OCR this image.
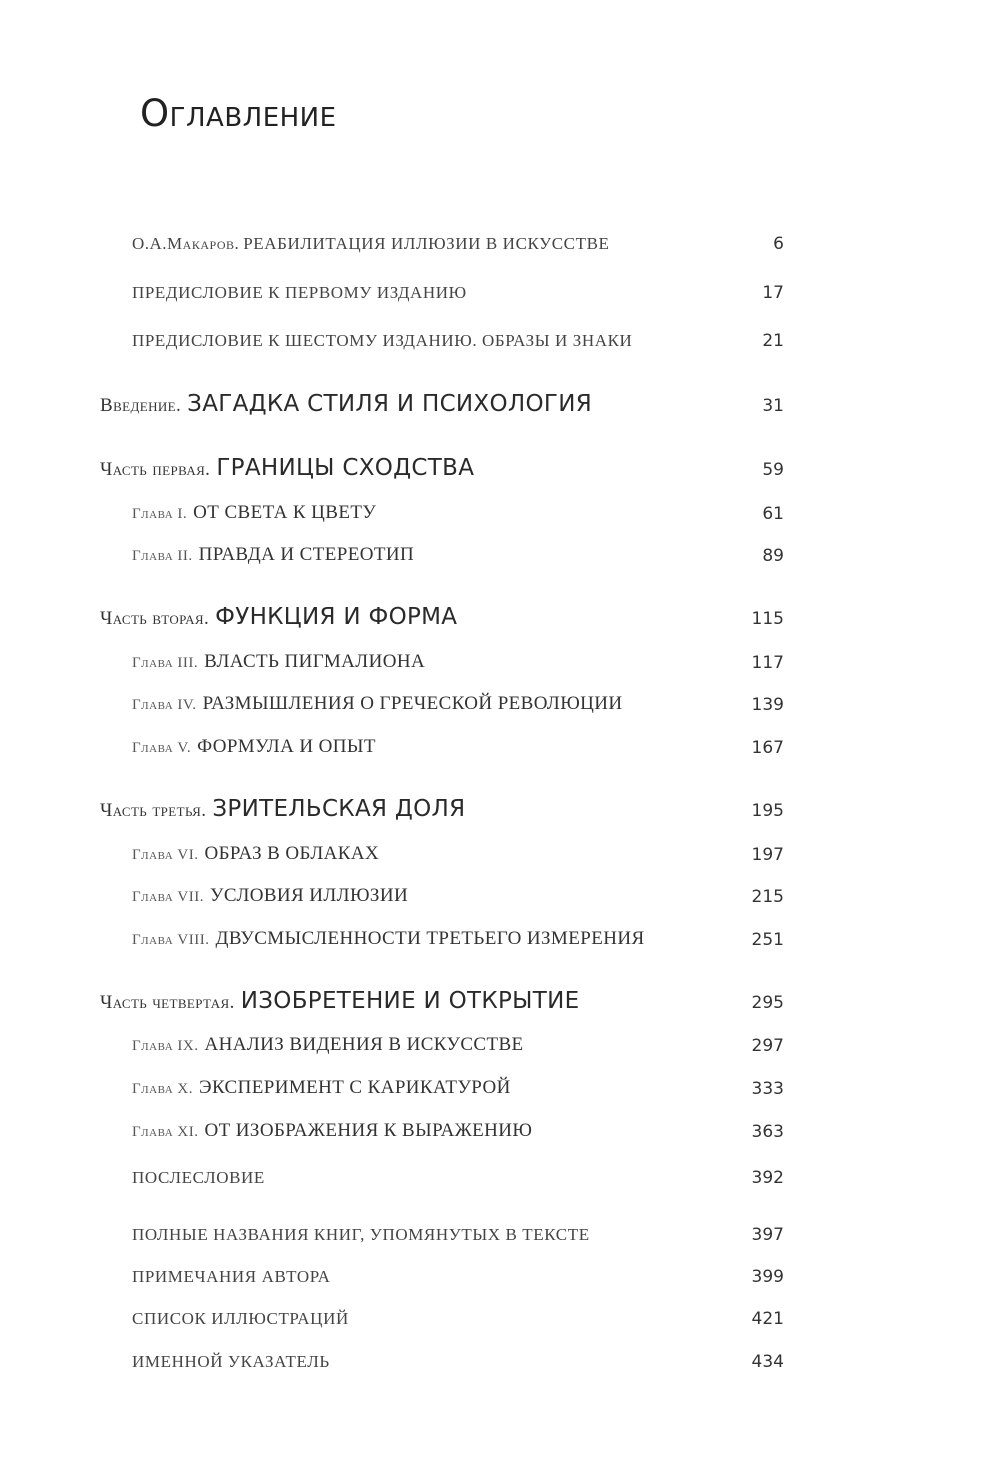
Оглавление
О.А.Макаров. РЕАБИЛИТАЦИЯ ИЛЛЮЗИИ В ИСКУССТВЕ	6
ПРЕДИСЛОВИЕ К ПЕРВОМУ ИЗДАНИЮ	17
ПРЕДИСЛОВИЕ К ШЕСТОМУ ИЗДАНИЮ. ОБРАЗЫ И ЗНАКИ	21
Введение. ЗАГАДКА СТИЛЯ И ПСИХОЛОГИЯ	31
Часть первая. ГРАНИЦЫ СХОДСТВА	59
Глава I. ОТ СВЕТА К ЦВЕТУ	61
Глава II. ПРАВДА И СТЕРЕОТИП	89
Часть вторая. ФУНКЦИЯ И ФОРМА	115
Глава III. ВЛАСТЬ ПИГМАЛИОНА	117
Глава IV. РАЗМЫШЛЕНИЯ О ГРЕЧЕСКОЙ РЕВОЛЮЦИИ	139
Глава V. ФОРМУЛА И ОПЫТ	167
Часть третья. ЗРИТЕЛЬСКАЯ ДОЛЯ	195
Глава VI. ОБРАЗ В ОБЛАКАХ	197
Глава VII. УСЛОВИЯ ИЛЛЮЗИИ	215
Глава VIII. ДВУСМЫСЛЕННОСТИ ТРЕТЬЕГО ИЗМЕРЕНИЯ	251
Часть четвертая. ИЗОБРЕТЕНИЕ И ОТКРЫТИЕ	295
Глава IX. АНАЛИЗ ВИДЕНИЯ В ИСКУССТВЕ	297
Глава X. ЭКСПЕРИМЕНТ С КАРИКАТУРОЙ	333
Глава XI. ОТ ИЗОБРАЖЕНИЯ К ВЫРАЖЕНИЮ	363
ПОСЛЕСЛОВИЕ	392
ПОЛНЫЕ НАЗВАНИЯ КНИГ, УПОМЯНУТЫХ В ТЕКСТЕ	397
ПРИМЕЧАНИЯ АВТОРА	399
СПИСОК ИЛЛЮСТРАЦИЙ	421
ИМЕННОЙ УКАЗАТЕЛЬ	434
